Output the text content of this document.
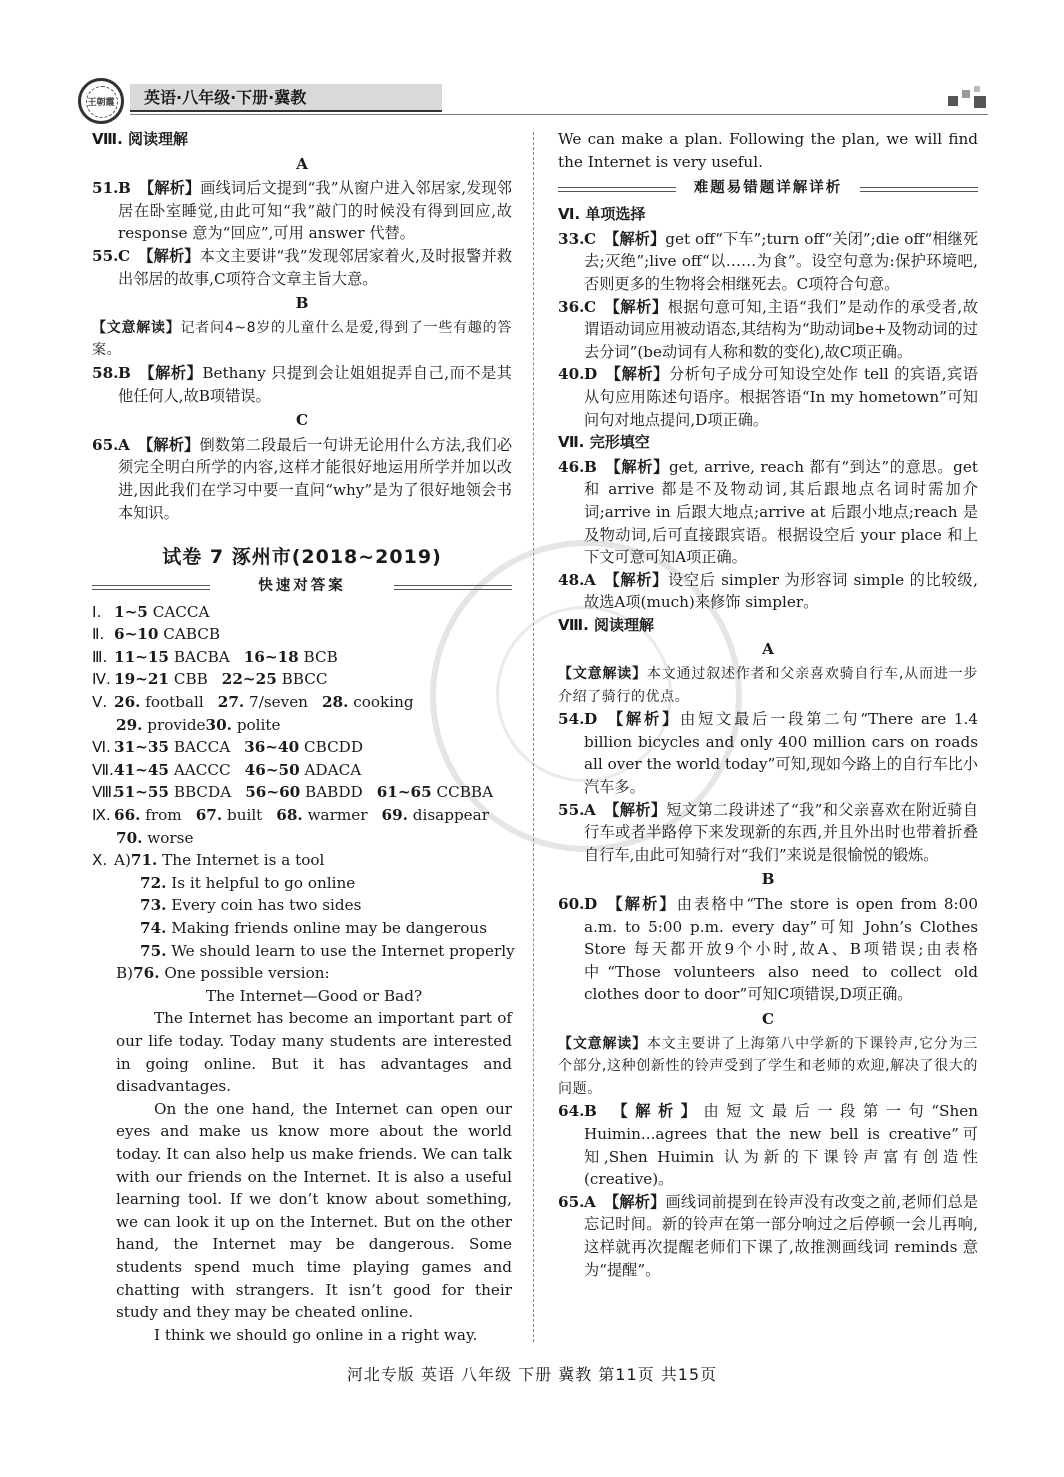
王朝霞	英语·八年级·下册·冀教
Ⅷ. 阅读理解
A

51. B 【解析】画线词后文提到“我”从窗户进入邻居家,发现邻居在卧室睡觉,由此可知“我”敲门的时候没有得到回应,故 response 意为“回应”,可用 answer 代替。

55. C 【解析】本文主要讲“我”发现邻居家着火,及时报警并救出邻居的故事,C项符合文章主旨大意。

B

【文意解读】记者问4~8岁的儿童什么是爱,得到了一些有趣的答案。

58. B 【解析】Bethany 只提到会让姐姐捉弄自己,而不是其他任何人,故B项错误。

C

65. A 【解析】倒数第二段最后一句讲无论用什么方法,我们必须完全明白所学的内容,这样才能很好地运用所学并加以改进,因此我们在学习中要一直问“why”是为了很好地领会书本知识。

试卷 7 涿州市(2018~2019)
快速对答案

Ⅰ. 1~5 CACCA

Ⅱ. 6~10 CABCB

Ⅲ. 11~15 BACBA 16~18 BCB

Ⅳ. 19~21 CBB 22~25 BBCC

Ⅴ. 26. football 27. 7/seven 28. cooking

29. provide30. polite

Ⅵ. 31~35 BACCA 36~40 CBCDD

Ⅶ.41~45 AACCC 46~50 ADACA

Ⅷ.51~55 BBCDA 56~60 BABDD 61~65 CCBBA

Ⅸ. 66. from 67. built 68. warmer 69. disappear

70. worse

Ⅹ. A)71. The Internet is a tool

72. Is it helpful to go online

73. Every coin has two sides

74. Making friends online may be dangerous

75. We should learn to use the Internet properly

B)76. One possible version:

The Internet—Good or Bad?

The Internet has become an important part of our life today. Today many students are interested in going online. But it has advantages and disadvantages.

On the one hand, the Internet can open our eyes and make us know more about the world today. It can also help us make friends. We can talk with our friends on the Internet. It is also a useful learning tool. If we don’t know about something, we can look it up on the Internet. But on the other hand, the Internet may be dangerous. Some students spend much time playing games and chatting with strangers. It isn’t good for their study and they may be cheated online.

I think we should go online in a right way.

We can make a plan. Following the plan, we will find the Internet is very useful.

难题易错题详解详析
Ⅵ. 单项选择

33. C 【解析】get off“下车”;turn off“关闭”;die off“相继死去;灭绝”;live off“以……为食”。设空句意为:保护环境吧,否则更多的生物将会相继死去。C项符合句意。

36. C 【解析】根据句意可知,主语“我们”是动作的承受者,故谓语动词应用被动语态,其结构为“助动词be+及物动词的过去分词”(be动词有人称和数的变化),故C项正确。

40. D 【解析】分析句子成分可知设空处作 tell 的宾语,宾语从句应用陈述句语序。根据答语“In my hometown”可知问句对地点提问,D项正确。

Ⅶ. 完形填空

46. B 【解析】get, arrive, reach 都有“到达”的意思。get 和 arrive 都是不及物动词,其后跟地点名词时需加介词;arrive in 后跟大地点;arrive at 后跟小地点;reach 是及物动词,后可直接跟宾语。根据设空后 your place 和上下文可意可知A项正确。

48. A 【解析】设空后 simpler 为形容词 simple 的比较级,故选A项(much)来修饰 simpler。

Ⅷ. 阅读理解
A

【文意解读】本文通过叙述作者和父亲喜欢骑自行车,从而进一步介绍了骑行的优点。

54. D 【解析】由短文最后一段第二句“There are 1.4 billion bicycles and only 400 million cars on roads all over the world today”可知,现如今路上的自行车比小汽车多。

55. A 【解析】短文第二段讲述了“我”和父亲喜欢在附近骑自行车或者半路停下来发现新的东西,并且外出时也带着折叠自行车,由此可知骑行对“我们”来说是很愉悦的锻炼。

B

60. D 【解析】由表格中“The store is open from 8:00 a.m. to 5:00 p.m. every day”可知 John’s Clothes Store 每天都开放9个小时,故A、B项错误;由表格中“Those volunteers also need to collect old clothes door to door”可知C项错误,D项正确。

C

【文意解读】本文主要讲了上海第八中学新的下课铃声,它分为三个部分,这种创新性的铃声受到了学生和老师的欢迎,解决了很大的问题。

64. B 【解析】由短文最后一段第一句“Shen Huimin...agrees that the new bell is creative”可知,Shen Huimin 认为新的下课铃声富有创造性(creative)。

65. A 【解析】画线词前提到在铃声没有改变之前,老师们总是忘记时间。新的铃声在第一部分响过之后停顿一会儿再响,这样就再次提醒老师们下课了,故推测画线词 reminds 意为“提醒”。

河北专版 英语 八年级 下册 冀教 第11页 共15页
